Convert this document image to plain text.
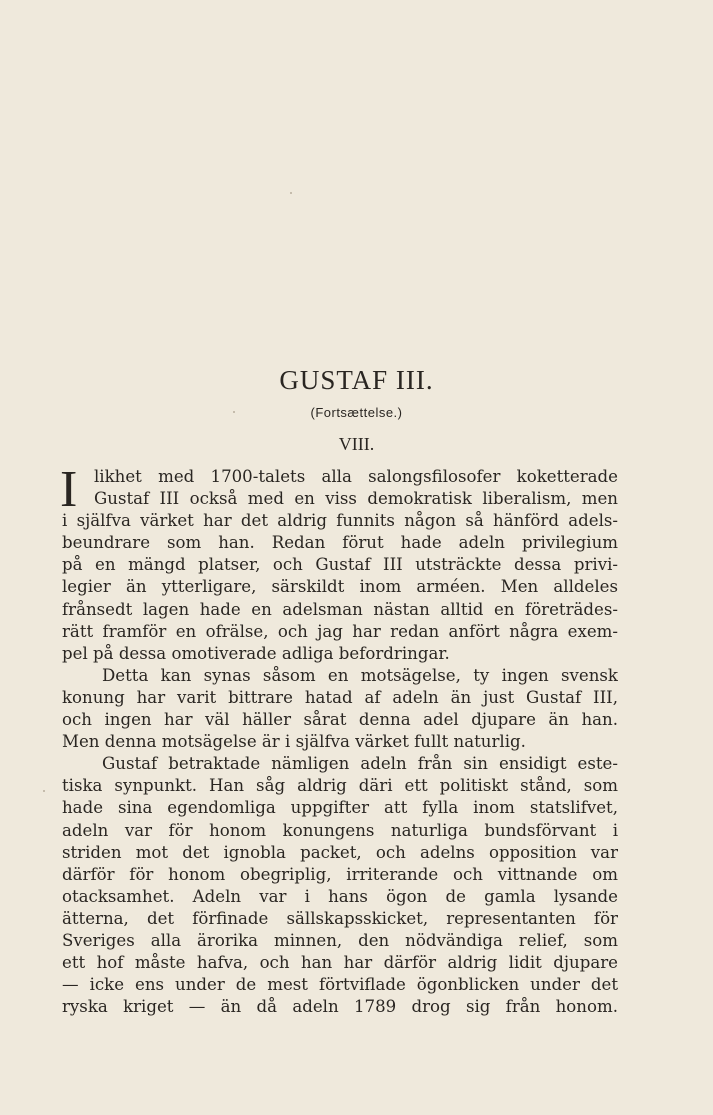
GUSTAF III.
(Fortsættelse.)
VIII.
I	likhet med 1700-talets alla salongsfilosofer koketterade
Gustaf III också med en viss demokratisk liberalism, men
i själfva värket har det aldrig funnits någon så hänförd adels-
beundrare som han. Redan förut hade adeln privilegium
på en mängd platser, och Gustaf III utsträckte dessa privi-
legier än ytterligare, särskildt inom arméen. Men alldeles
frånsedt lagen hade en adelsman nästan alltid en företrädes-
rätt framför en ofrälse, och jag har redan anfört några exem-
pel på dessa omotiverade adliga befordringar.
Detta kan synas såsom en motsägelse, ty ingen svensk
konung har varit bittrare hatad af adeln än just Gustaf III,
och ingen har väl häller sårat denna adel djupare än han.
Men denna motsägelse är i själfva värket fullt naturlig.
Gustaf betraktade nämligen adeln från sin ensidigt este-
tiska synpunkt. Han såg aldrig däri ett politiskt stånd, som
hade sina egendomliga uppgifter att fylla inom statslifvet,
adeln var för honom konungens naturliga bundsförvant i
striden mot det ignobla packet, och adelns opposition var
därför för honom obegriplig, irriterande och vittnande om
otacksamhet. Adeln var i hans ögon de gamla lysande
ätterna, det förfinade sällskapsskicket, representanten för
Sveriges alla ärorika minnen, den nödvändiga relief, som
ett hof måste hafva, och han har därför aldrig lidit djupare
— icke ens under de mest förtviflade ögonblicken under det
ryska kriget — än då adeln 1789 drog sig från honom.
